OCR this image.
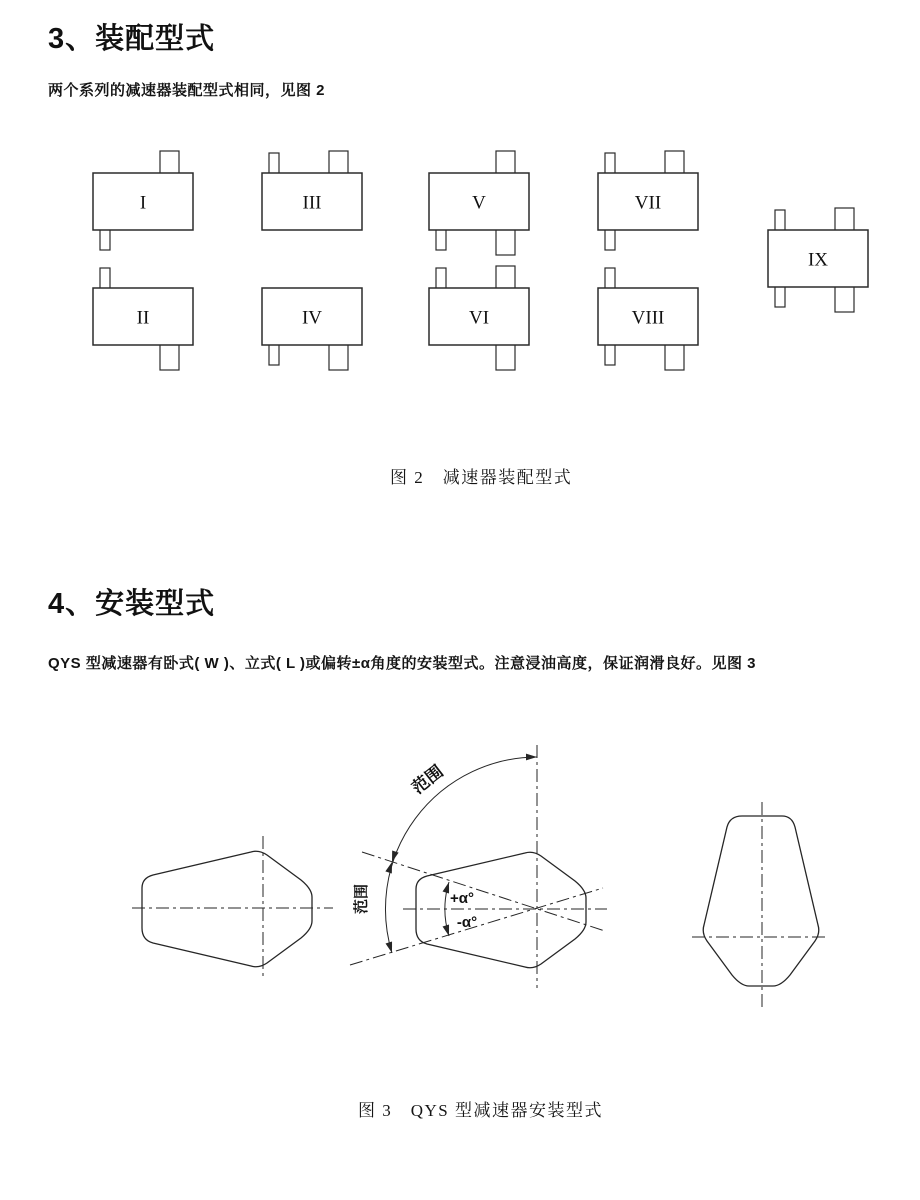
3、装配型式

两个系列的减速器装配型式相同，见图 2

I	III	V	VII
II	IV	VI	VIII
IX
范围
范围	+α°
-α°
图 2　减速器装配型式
4、安装型式

QYS 型减速器有卧式( W )、立式( L )或偏转±α角度的安装型式。注意浸油高度，保证润滑良好。见图 3

图 3　QYS 型减速器安装型式
